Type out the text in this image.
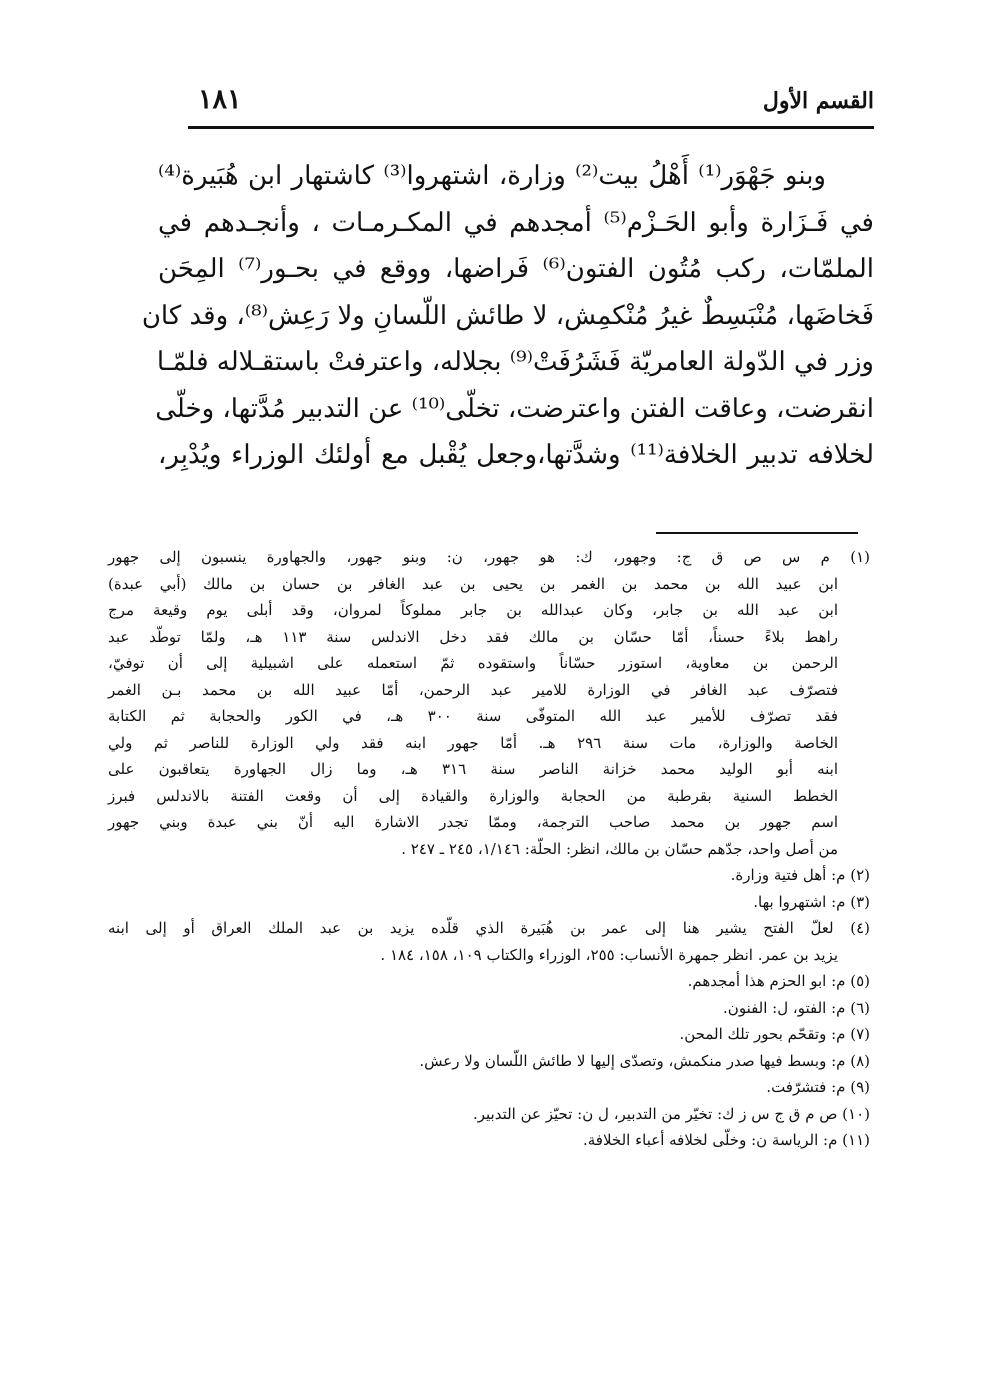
القسم الأول
١٨١
وبنو جَهْوَر⁽¹⁾ أَهْلُ بيت⁽²⁾ وزارة، اشتهروا⁽³⁾ كاشتهار ابن هُبَيرة⁽⁴⁾
في فَـزَارة وأبو الحَـزْم⁽⁵⁾ أمجدهم في المكـرمـات ، وأنجـدهم في
الملمّات، ركب مُتُون الفتون⁽⁶⁾ فَراضها، ووقع في بحـور⁽⁷⁾ المِحَن
فَخاضَها، مُنْبَسِطٌ غيرُ مُنْكمِش، لا طائش اللّسانِ ولا رَعِش⁽⁸⁾، وقد كان
وزر في الدّولة العامريّة فَشَرُفَتْ⁽⁹⁾ بجلاله، واعترفتْ باستقـلاله فلمّـا
انقرضت، وعاقت الفتن واعترضت، تخلّى⁽¹⁰⁾ عن التدبير مُدَّتها، وخلّى
لخلافه تدبير الخلافة⁽¹¹⁾ وشدَّتها،وجعل يُقْبل مع أولئك الوزراء ويُدْبِر،
(١) م س ص ق ج: وجهور، ك: هو جهور، ن: وبنو جهور، والجهاورة ينسبون إلى جهور
ابن عبيد الله بن محمد بن الغمر بن يحيى بن عبد الغافر بن حسان بن مالك (أبي عبدة)
ابن عبد الله بن جابر، وكان عبدالله بن جابر مملوكاً لمروان، وقد أبلى يوم وقيعة مرج
راهط بلاءً حسناً، أمّا حسّان بن مالك فقد دخل الاندلس سنة ١١٣ هـ، ولمّا توطّد عبد
الرحمن بن معاوية، استوزر حسّاناً واستقوده ثمّ استعمله على اشبيلية إلى أن توفيّ،
فتصرّف عبد الغافر في الوزارة للامير عبد الرحمن، أمّا عبيد الله بن محمد بـن الغمر
فقد تصرّف للأمير عبد الله المتوفّى سنة ٣٠٠ هـ، في الكور والحجابة ثم الكتابة
الخاصة والوزارة، مات سنة ٢٩٦ هـ. أمّا جهور ابنه فقد ولي الوزارة للناصر ثم ولي
ابنه أبو الوليد محمد خزانة الناصر سنة ٣١٦ هـ، وما زال الجهاورة يتعاقبون على
الخطط السنية بقرطبة من الحجابة والوزارة والقيادة إلى أن وقعت الفتنة بالاندلس فبرز
اسم جهور بن محمد صاحب الترجمة، وممّا تجدر الاشارة اليه أنّ بني عبدة وبني جهور
من أصل واحد، جدّهم حسّان بن مالك، انظر: الحلّة: ١/١٤٦، ٢٤٥ ـ ٢٤٧ .
(٢) م: أهل فتية وزارة.
(٣) م: اشتهروا بها.
(٤) لعلّ الفتح يشير هنا إلى عمر بن هُبَيرة الذي قلّده يزيد بن عبد الملك العراق أو إلى ابنه
يزيد بن عمر. انظر جمهرة الأنساب: ٢٥٥، الوزراء والكتاب ١٠٩، ١٥٨، ١٨٤ .
(٥) م: ابو الحزم هذا أمجدهم.
(٦) م: الفتو، ل: الفنون.
(٧) م: وتقحّم بحور تلك المحن.
(٨) م: وبسط فيها صدر منكمش، وتصدّى إليها لا طائش اللّسان ولا رعش.
(٩) م: فتشرّفت.
(١٠) ص م ق ج س ز ك: تخيّر من التدبير، ل ن: تحيّز عن التدبير.
(١١) م: الرياسة ن: وخلّى لخلافه أعباء الخلافة.
